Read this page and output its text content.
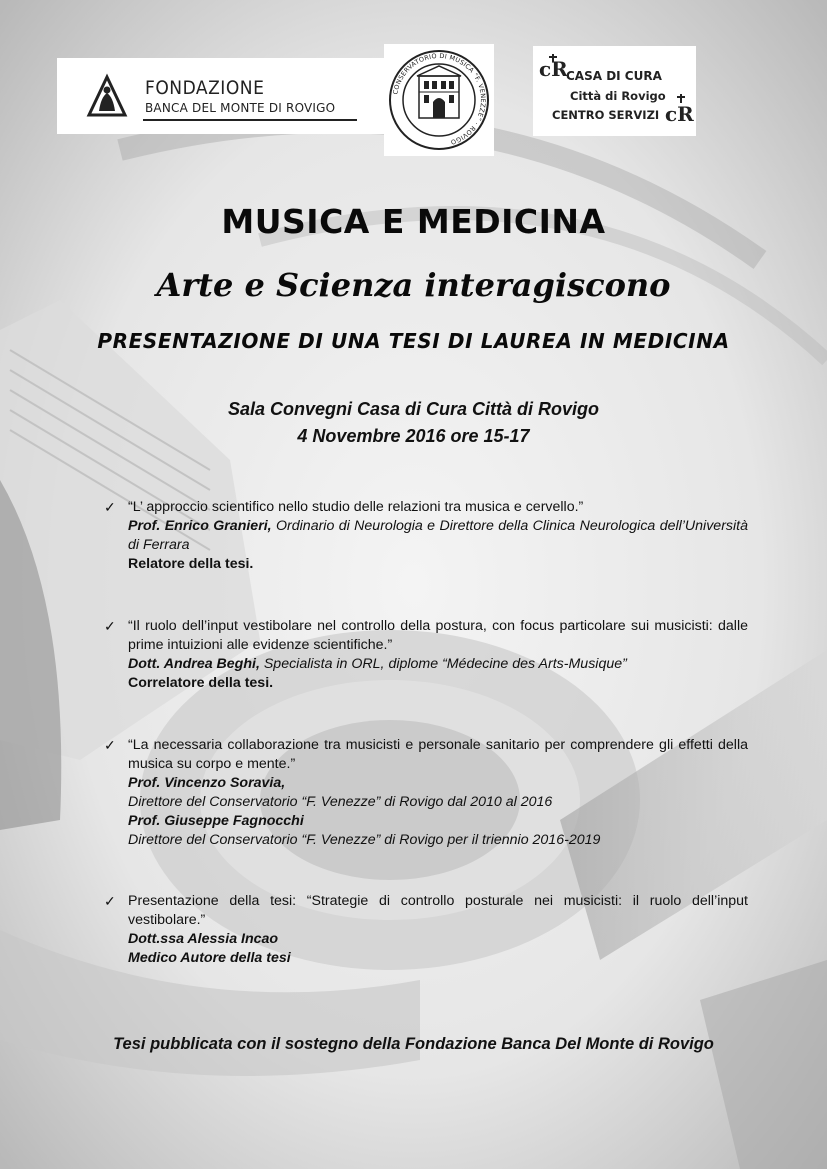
FONDAZIONE
BANCA DEL MONTE DI ROVIGO
CONSERVATORIO DI MUSICA “F. VENEZZE” · ROVIGO
cR
CASA DI CURA
Città di Rovigo
CENTRO SERVIZI cR
MUSICA E MEDICINA
Arte e Scienza interagiscono
PRESENTAZIONE DI UNA TESI DI LAUREA IN MEDICINA
Sala Convegni Casa di Cura Città di Rovigo
4 Novembre 2016 ore 15-17
✓ “L’ approccio scientifico nello studio delle relazioni tra musica e cervello.”

Prof. Enrico Granieri, Ordinario di Neurologia e Direttore della Clinica Neurologica dell’Università di Ferrara

Relatore della tesi.

✓ “Il ruolo dell’input vestibolare nel controllo della postura, con focus particolare sui musicisti: dalle prime intuizioni alle evidenze scientifiche.”

Dott. Andrea Beghi, Specialista in ORL, diplome “Médecine des Arts-Musique”

Correlatore della tesi.

✓ “La necessaria collaborazione tra musicisti e personale sanitario per comprendere gli effetti della musica su corpo e mente.”

Prof. Vincenzo Soravia,

Direttore del Conservatorio “F. Venezze” di Rovigo dal 2010 al 2016

Prof. Giuseppe Fagnocchi

Direttore del Conservatorio “F. Venezze” di Rovigo per il triennio 2016-2019

✓ Presentazione della tesi: “Strategie di controllo posturale nei musicisti: il ruolo dell’input vestibolare.”

Dott.ssa Alessia Incao

Medico Autore della tesi

Tesi pubblicata con il sostegno della Fondazione Banca Del Monte di Rovigo
